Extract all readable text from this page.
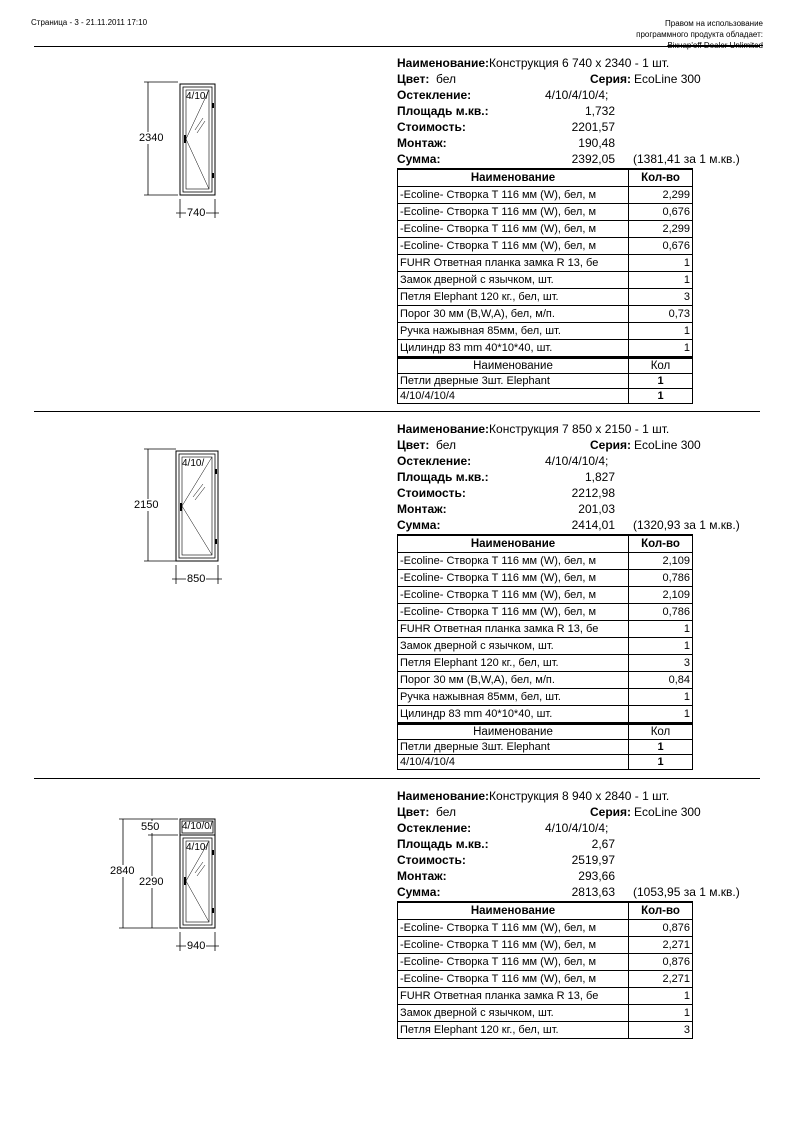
Страница - 3 - 21.11.2011 17:10	Правом на использование
программного продукта обладает:
Вікнар'off Dealer Unlimited
2340
740
4/10/
Наименование:Конструкция 6 740 x 2340 - 1 шт.
Цвет: бел	Серия: EcoLine 300
Остекление:	4/10/4/10/4;
Площадь м.кв.:	1,732
Стоимость:	2201,57
Монтаж:	190,48
Сумма:	2392,05 (1381,41 за 1 м.кв.)
Наименование	Кол-во
-Ecoline- Створка Т 116 мм (W), бел, м	2,299
-Ecoline- Створка Т 116 мм (W), бел, м	0,676
-Ecoline- Створка Т 116 мм (W), бел, м	2,299
-Ecoline- Створка Т 116 мм (W), бел, м	0,676
FUHR Ответная планка замка R 13, бе	1
Замок дверной с язычком, шт.	1
Петля Elephant 120 кг., бел, шт.	3
Порог 30 мм (B,W,A), бел, м/п.	0,73
Ручка нажывная 85мм, бел, шт.	1
Цилиндр 83 mm 40*10*40, шт.	1
Наименование	Кол
Петли дверные 3шт. Elephant	1
4/10/4/10/4	1
2150
850
4/10/
Наименование:Конструкция 7 850 x 2150 - 1 шт.
Цвет: бел	Серия: EcoLine 300
Остекление:	4/10/4/10/4;
Площадь м.кв.:	1,827
Стоимость:	2212,98
Монтаж:	201,03
Сумма:	2414,01 (1320,93 за 1 м.кв.)
Наименование	Кол-во
-Ecoline- Створка Т 116 мм (W), бел, м	2,109
-Ecoline- Створка Т 116 мм (W), бел, м	0,786
-Ecoline- Створка Т 116 мм (W), бел, м	2,109
-Ecoline- Створка Т 116 мм (W), бел, м	0,786
FUHR Ответная планка замка R 13, бе	1
Замок дверной с язычком, шт.	1
Петля Elephant 120 кг., бел, шт.	3
Порог 30 мм (B,W,A), бел, м/п.	0,84
Ручка нажывная 85мм, бел, шт.	1
Цилиндр 83 mm 40*10*40, шт.	1
Наименование	Кол
Петли дверные 3шт. Elephant	1
4/10/4/10/4	1
550
2840
2290
940
4/10/0/
4/10/
Наименование:Конструкция 8 940 x 2840 - 1 шт.
Цвет: бел	Серия: EcoLine 300
Остекление:	4/10/4/10/4;
Площадь м.кв.:	2,67
Стоимость:	2519,97
Монтаж:	293,66
Сумма:	2813,63 (1053,95 за 1 м.кв.)
Наименование	Кол-во
-Ecoline- Створка Т 116 мм (W), бел, м	0,876
-Ecoline- Створка Т 116 мм (W), бел, м	2,271
-Ecoline- Створка Т 116 мм (W), бел, м	0,876
-Ecoline- Створка Т 116 мм (W), бел, м	2,271
FUHR Ответная планка замка R 13, бе	1
Замок дверной с язычком, шт.	1
Петля Elephant 120 кг., бел, шт.	3
